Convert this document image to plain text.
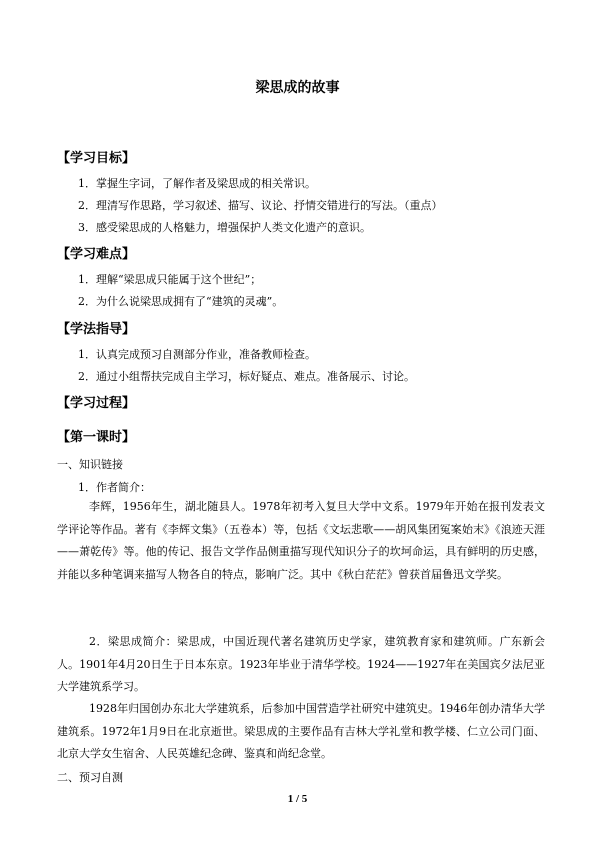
梁思成的故事
【学习目标】
1．掌握生字词，了解作者及梁思成的相关常识。
2．理清写作思路，学习叙述、描写、议论、抒情交错进行的写法。（重点）
3．感受梁思成的人格魅力，增强保护人类文化遗产的意识。
【学习难点】
1．理解“梁思成只能属于这个世纪”；
2．为什么说梁思成拥有了“建筑的灵魂”。
【学法指导】
1．认真完成预习自测部分作业，准备教师检查。
2．通过小组帮扶完成自主学习，标好疑点、难点。准备展示、讨论。
【学习过程】
【第一课时】
一、知识链接
1．作者简介：
李辉，1956年生，湖北随县人。1978年初考入复旦大学中文系。1979年开始在报刊发表文学评论等作品。著有《李辉文集》（五卷本）等，包括《文坛悲歌——胡风集团冤案始末》《浪迹天涯——萧乾传》等。他的传记、报告文学作品侧重描写现代知识分子的坎坷命运，具有鲜明的历史感，并能以多种笔调来描写人物各自的特点，影响广泛。其中《秋白茫茫》曾获首届鲁迅文学奖。
2．梁思成简介：梁思成，中国近现代著名建筑历史学家，建筑教育家和建筑师。广东新会人。1901年4月20日生于日本东京。1923年毕业于清华学校。1924——1927年在美国宾夕法尼亚大学建筑系学习。
1928年归国创办东北大学建筑系，后参加中国营造学社研究中建筑史。1946年创办清华大学建筑系。1972年1月9日在北京逝世。梁思成的主要作品有吉林大学礼堂和教学楼、仁立公司门面、北京大学女生宿舍、人民英雄纪念碑、鉴真和尚纪念堂。
二、预习自测
1 / 5
